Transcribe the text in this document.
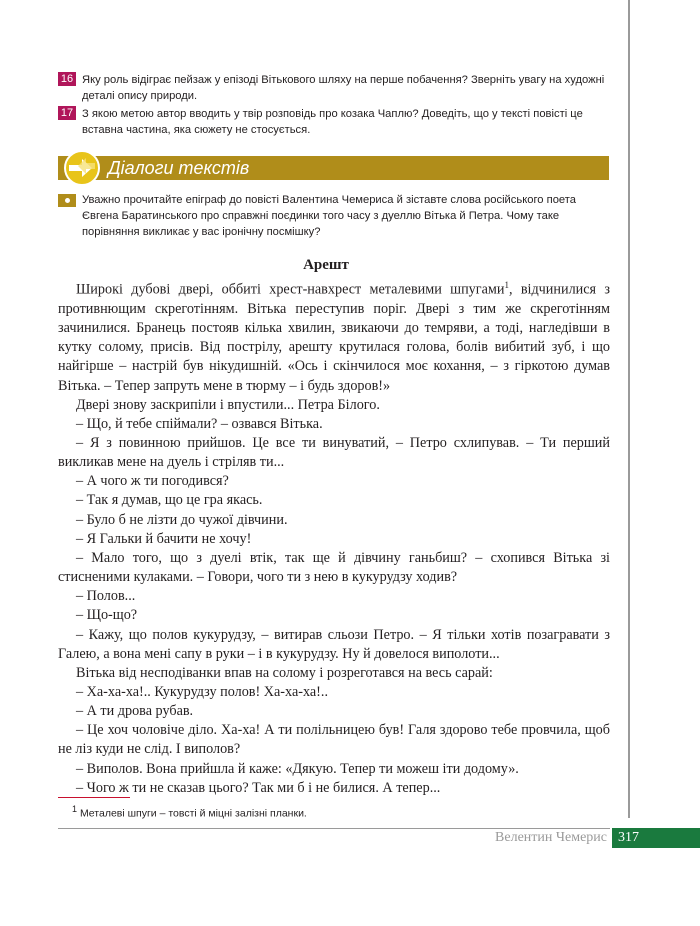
16 Яку роль відіграє пейзаж у епізоді Вітькового шляху на перше побачення? Зверніть увагу на художні деталі опису природи.
17 З якою метою автор вводить у твір розповідь про козака Чаплю? Доведіть, що у тексті повісті це вставна частина, яка сюжету не стосується.
Діалоги текстів
Уважно прочитайте епіграф до повісті Валентина Чемериса й зіставте слова російського поета Євгена Баратинського про справжні поєдинки того часу з дуеллю Вітька й Петра. Чому таке порівняння викликає у вас іронічну посмішку?
Арешт

Широкі дубові двері, оббиті хрест-навхрест металевими шпугами$^1$, відчинилися з противнющим скреготінням. Вітька переступив поріг. Двері з тим же скреготінням зачинилися. Бранець постояв кілька хвилин, звикаючи до темряви, а тоді, нагледівши в кутку солому, присів. Від пострілу, арешту крутилася голова, болів вибитий зуб, і що найгірше – настрій був нікудишній. «Ось і скінчилося моє кохання, – з гіркотою думав Вітька. – Тепер запруть мене в тюрму – і будь здоров!»

Двері знову заскрипіли і впустили... Петра Білого.

– Що, й тебе спіймали? – озвався Вітька.

– Я з повинною прийшов. Це все ти винуватий, – Петро схлипував. – Ти перший викликав мене на дуель і стріляв ти...

– А чого ж ти погодився?

– Так я думав, що це гра якась.

– Було б не лізти до чужої дівчини.

– Я Гальки й бачити не хочу!

– Мало того, що з дуелі втік, так ще й дівчину ганьбиш? – схопився Вітька зі стисненими кулаками. – Говори, чого ти з нею в кукурудзу ходив?

– Полов...

– Що-що?

– Кажу, що полов кукурудзу, – витирав сльози Петро. – Я тільки хотів позагравати з Галею, а вона мені сапу в руки – і в кукурудзу. Ну й довелося виполоти...

Вітька від несподіванки впав на солому і розреготався на весь сарай:

– Ха-ха-ха!.. Кукурудзу полов! Ха-ха-ха!..

– А ти дрова рубав.

– Це хоч чоловіче діло. Ха-ха! А ти полільницею був! Галя здорово тебе провчила, щоб не ліз куди не слід. І виполов?

– Виполов. Вона прийшла й каже: «Дякую. Тепер ти можеш іти додому».

– Чого ж ти не сказав цього? Так ми б і не билися. А тепер...

$^1$ Металеві шпуги – товсті й міцні залізні планки.
Велентин Чемерис 317
